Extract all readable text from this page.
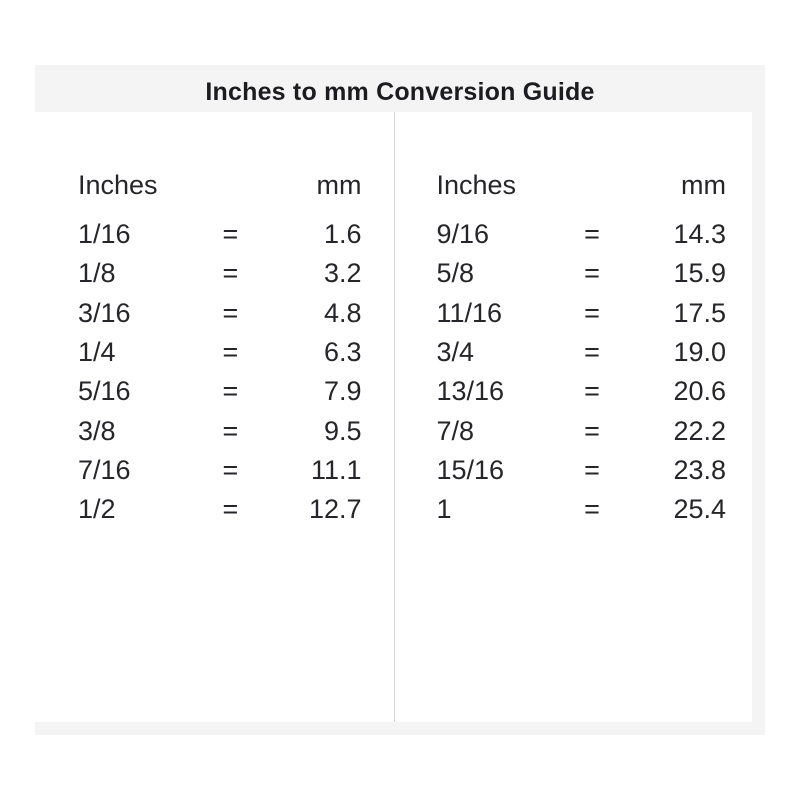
Inches to mm Conversion Guide
Inches		mm
1/16	=	1.6
1/8	=	3.2
3/16	=	4.8
1/4	=	6.3
5/16	=	7.9
3/8	=	9.5
7/16	=	11.1
1/2	=	12.7
Inches		mm
9/16	=	14.3
5/8	=	15.9
11/16	=	17.5
3/4	=	19.0
13/16	=	20.6
7/8	=	22.2
15/16	=	23.8
1	=	25.4
